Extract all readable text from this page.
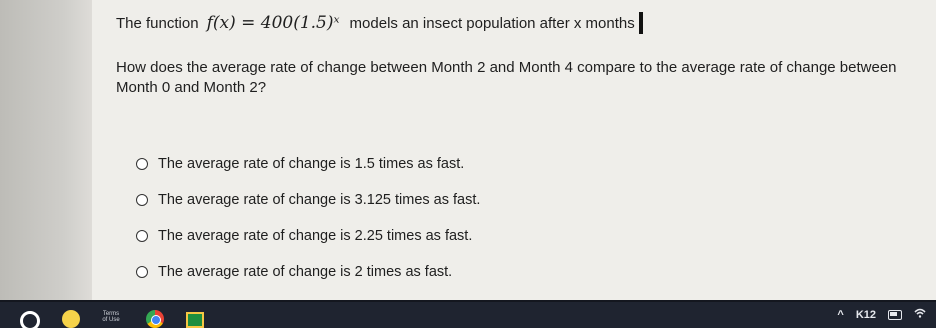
The function f(x) = 400(1.5)ˣ models an insect population after x months
How does the average rate of change between Month 2 and Month 4 compare to the average rate of change between Month 0 and Month 2?
The average rate of change is 1.5 times as fast.
The average rate of change is 3.125 times as fast.
The average rate of change is 2.25 times as fast.
The average rate of change is 2 times as fast.
Terms of Use	^ K12
